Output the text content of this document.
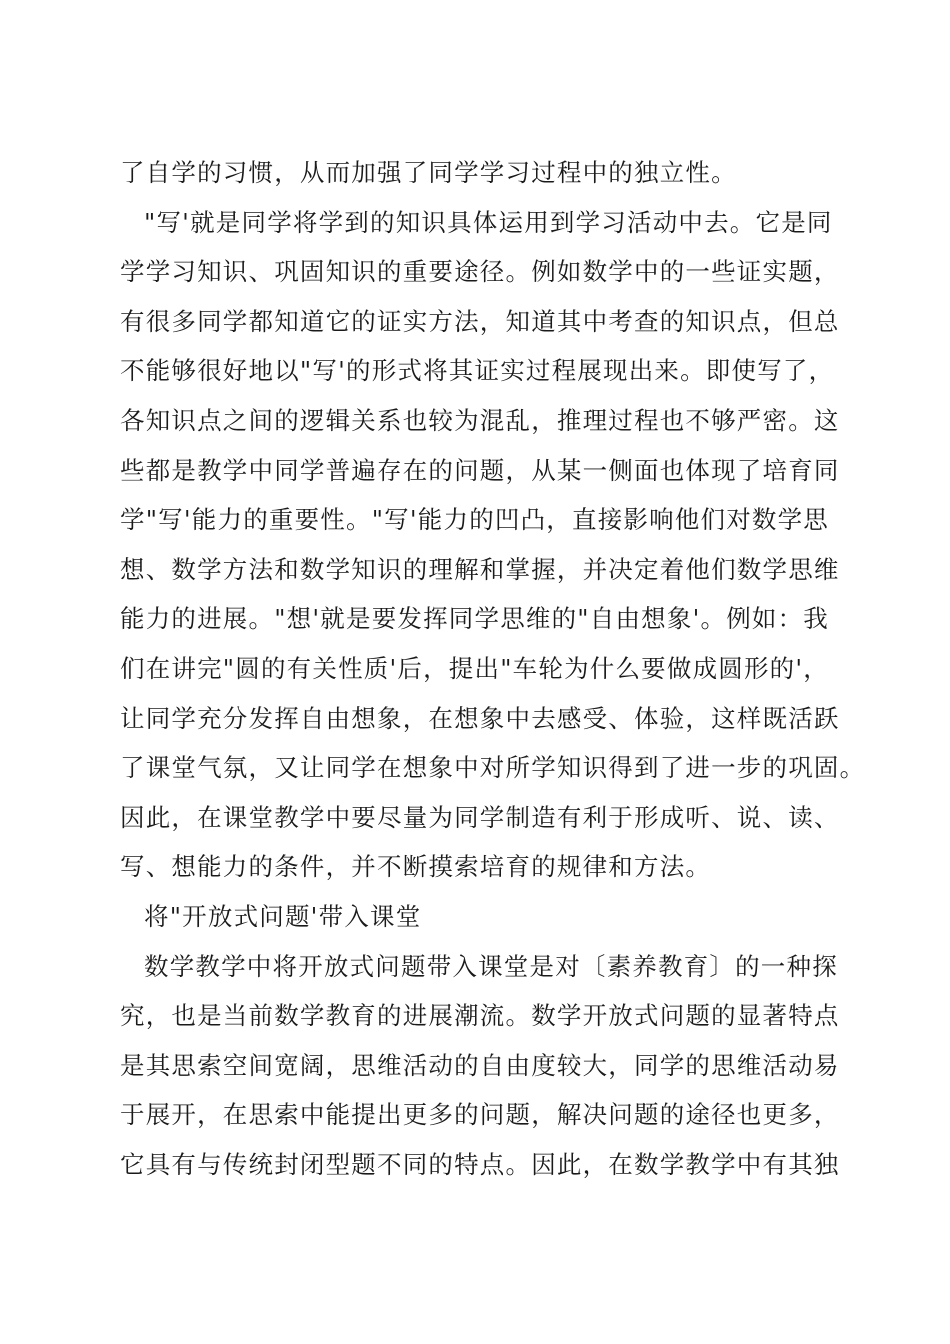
了自学的习惯，从而加强了同学学习过程中的独立性。
"写'就是同学将学到的知识具体运用到学习活动中去。它是同
学学习知识、巩固知识的重要途径。例如数学中的一些证实题，
有很多同学都知道它的证实方法，知道其中考查的知识点，但总
不能够很好地以"写'的形式将其证实过程展现出来。即使写了，
各知识点之间的逻辑关系也较为混乱，推理过程也不够严密。这
些都是教学中同学普遍存在的问题，从某一侧面也体现了培育同
学"写'能力的重要性。"写'能力的凹凸，直接影响他们对数学思
想、数学方法和数学知识的理解和掌握，并决定着他们数学思维
能力的进展。"想'就是要发挥同学思维的"自由想象'。例如：我
们在讲完"圆的有关性质'后，提出"车轮为什么要做成圆形的'，
让同学充分发挥自由想象，在想象中去感受、体验，这样既活跃
了课堂气氛，又让同学在想象中对所学知识得到了进一步的巩固。
因此，在课堂教学中要尽量为同学制造有利于形成听、说、读、
写、想能力的条件，并不断摸索培育的规律和方法。
将"开放式问题'带入课堂
数学教学中将开放式问题带入课堂是对〔素养教育〕的一种探
究，也是当前数学教育的进展潮流。数学开放式问题的显著特点
是其思索空间宽阔，思维活动的自由度较大，同学的思维活动易
于展开，在思索中能提出更多的问题，解决问题的途径也更多，
它具有与传统封闭型题不同的特点。因此，在数学教学中有其独
